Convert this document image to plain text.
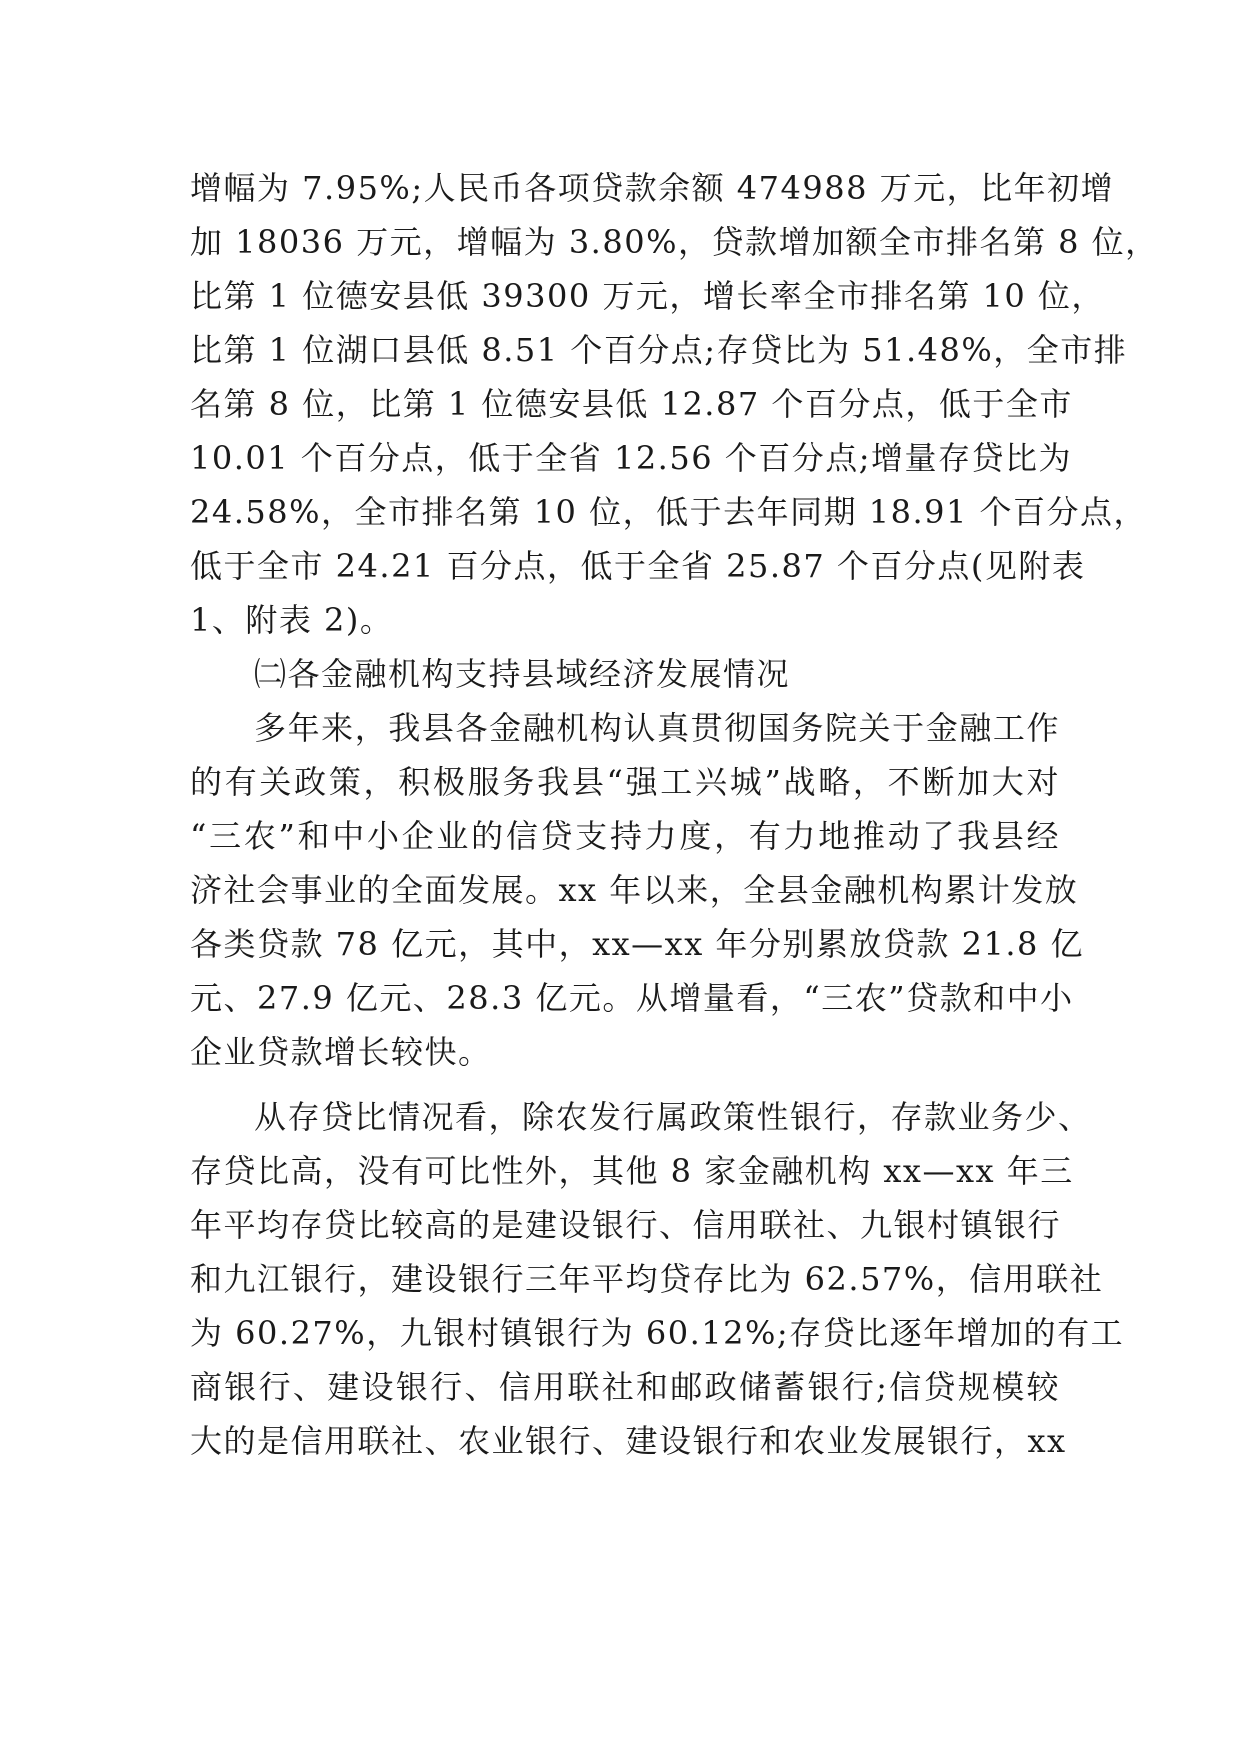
增幅为 7.95%;人民币各项贷款余额 474988 万元，比年初增
加 18036 万元，增幅为 3.80%，贷款增加额全市排名第 8 位，
比第 1 位德安县低 39300 万元，增长率全市排名第 10 位，
比第 1 位湖口县低 8.51 个百分点;存贷比为 51.48%，全市排
名第 8 位，比第 1 位德安县低 12.87 个百分点，低于全市
10.01 个百分点，低于全省 12.56 个百分点;增量存贷比为
24.58%，全市排名第 10 位，低于去年同期 18.91 个百分点，
低于全市 24.21 百分点，低于全省 25.87 个百分点(见附表
1、附表 2)。
㈡各金融机构支持县域经济发展情况
多年来，我县各金融机构认真贯彻国务院关于金融工作
的有关政策，积极服务我县“强工兴城”战略，不断加大对
“三农”和中小企业的信贷支持力度，有力地推动了我县经
济社会事业的全面发展。xx 年以来，全县金融机构累计发放
各类贷款 78 亿元，其中，xx—xx 年分别累放贷款 21.8 亿
元、27.9 亿元、28.3 亿元。从增量看，“三农”贷款和中小
企业贷款增长较快。
从存贷比情况看，除农发行属政策性银行，存款业务少、
存贷比高，没有可比性外，其他 8 家金融机构 xx—xx 年三
年平均存贷比较高的是建设银行、信用联社、九银村镇银行
和九江银行，建设银行三年平均贷存比为 62.57%，信用联社
为 60.27%，九银村镇银行为 60.12%;存贷比逐年增加的有工
商银行、建设银行、信用联社和邮政储蓄银行;信贷规模较
大的是信用联社、农业银行、建设银行和农业发展银行，xx
